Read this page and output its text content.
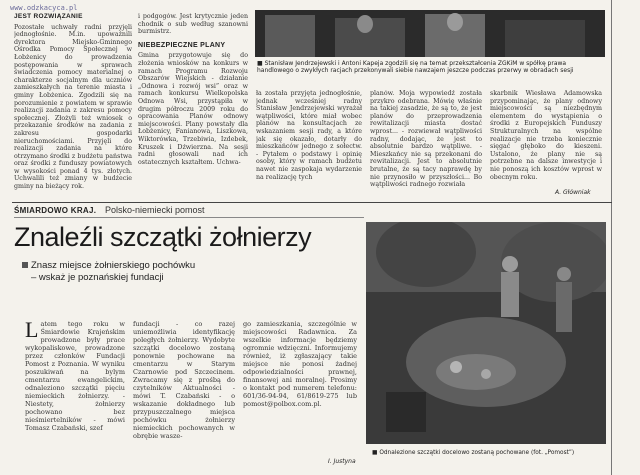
www.odzkacyca.pl
JEST ROZWIĄZANIE

Pozostałe uchwały radni przyjęli jednogłośnie. M.in. upoważnili dyrektora Miejsko-Gminnego Ośrodka Pomocy Społecznej w Łobżenicy do prowadzenia postępowania w sprawach świadczenia pomocy materialnej o charakterze socjalnym dla uczniów zamieszkałych na terenie miasta i gminy Łobżenica. Zgodzili się na porozumienie z powiatem w sprawie realizacji zadania z zakresu pomocy społecznej. Złożyli też wniosek o przekazanie środków na zadania z zakresu gospodarki nieruchomościami. Przyjęli do realizacji zadania na które otrzymano środki z budżetu państwa oraz środki z funduszy powiatowych w wysokości ponad 4 tys. złotych. Uchwalili też zmiany w budżecie gminy na bieżący rok.

i podgogów. Jest krytycznie jeden chodnik o sub według szanowni burmistrz.

NIEBEZPIECZNE PLANY

Gmina przygotowuje się do złożenia wniosków na konkurs w ramach Programu Rozwoju Obszarów Wiejskich - działanie „Odnowa i rozwój wsi” oraz w ramach konkursu Wielkopolska Odnowa Wsi, przystąpiła w drugim półroczu 2009 roku do opracowania Planów odnowy miejscowości. Plany powstały dla Łobżenicy, Fanianowa, Liszkowa, Wiktorówka, Trzebiwia, Izdebek, Kruszek i Dźwierzna. Na sesji radni głosowali nad ich ostatecznych kształtem. Uchwa-

■ Stanisław Jendrzejewski i Antoni Kapeja zgodzili się na temat przekształcenia ZGKiM w spółkę prawa handlowego o zwykłych racjach przekonywali siebie nawzajem jeszcze podczas przerwy w obradach sesji

ła została przyjęta jednogłośnie, jednak wcześniej radny Stanisław Jendrzejewski wyrażał wątpliwości, które miał wobec planów na konsultacjach ze wskazaniem sesji rady, a które jak się okazało, dotarły do mieszkańców jednego z sołectw. - Pytałem o podstawy i opinię osoby, który w ramach budżetu nawet nie zaspokaja wydarzenie na realizację tych

planów. Moja wypowiedź została przykro odebrana. Mówię właśnie na takiej zasadzie, że są to, że jest planów do przeprowadzenia rewitalizacji miasta dostać wprost... - rozwiewał wątpliwości radny, dodając, że jest to absolutnie bardzo wątpliwe. - Mieszkańcy nie są przekonani do rewitalizacji. Jest to absolutnie brutalne, że są tacy naprawdę by nie przynosiło w przyszłości... Bo wątpliwości radnego rozwiała

skarbnik Wiesława Adamowska przypominając, że plany odnowy miejscowości są niezbędnym elementem do wystąpienia o środki z Europejskich Funduszy Strukturalnych na wspólne realizacje nie trzeba koniecznie sięgać głęboko do kieszeni. Ustalono, że plany nie są potrzebne na dalsze inwestycje i nie ponoszą ich kosztów wprost w obecnym roku.

A. Główniak
ŚMIARDOWO KRAJ. Polsko-niemiecki pomost
Znaleźli szczątki żołnierzy
Znasz miejsce żołnierskiego pochówku
– wskaż je poznańskiej fundacji
L atem tego roku w Śmiardowie Krajeńskim prowadzone były prace wykopaliskowe, prowadzone przez członków Fundacji Pomost z Poznania. W wyniku poszukiwań na bylym cmentarzu ewangelickim, odnaleziono szczątki pięciu niemieckich żołnierzy. - Niestety, żołnierzy pochowano bez nieśmiertelników - mówi Tomasz Czabański, szef

fundacji - co razej uniemożliwia identyfikację poległych żołnierzy. Wydobyte szczątki docelowo zostaną ponownie pochowane na cmentarzu w Starym Czarnowie pod Szczecinem. Zwracamy się z prośbą do czytelników Aktualności - mówi T. Czabański - o wskazanie dokładnego lub przypuszczalnego miejsca pochówku żołnierzy niemieckich pochowanych w obrębie wasze-

go zamieszkania, szczególnie w miejscowości Radawnica. Za wszelkie informacje będziemy ogromnie wdzięczni. Informujemy również, iż zgłaszający takie miejsce nie ponosi żadnej odpowiedzialności prawnej, finansowej ani moralnej. Prosimy o kontakt pod numerem telefonu: 601/36-94-94, 61/8619-275 lub pomost@polbox.com.pl.

I. Justyna
■ Odnalezione szczątki docelowo zostaną pochowane (fot. „Pomost”)
